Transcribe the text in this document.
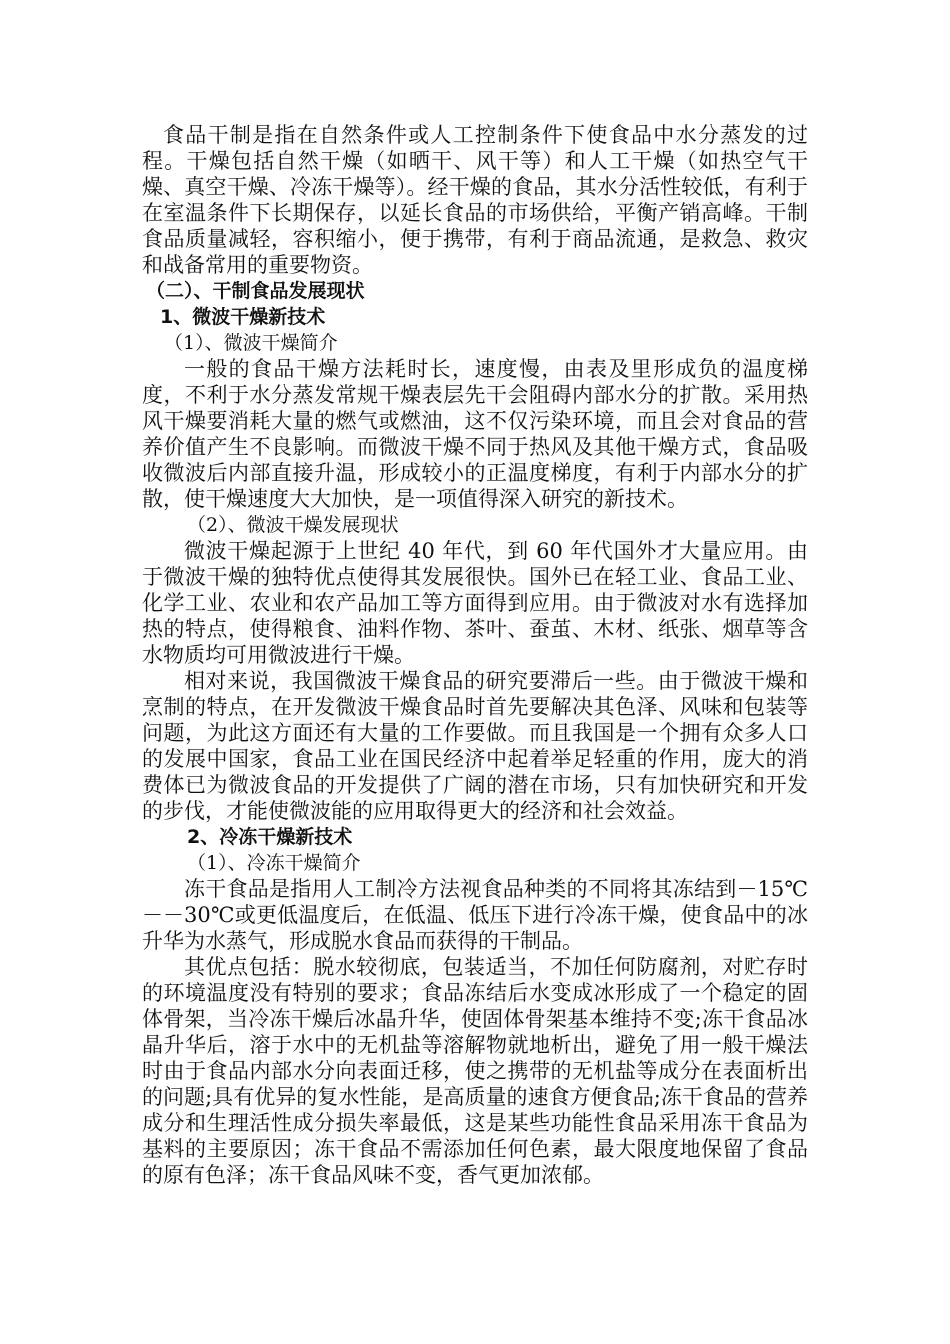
食品干制是指在自然条件或人工控制条件下使食品中水分蒸发的过程。干燥包括自然干燥（如晒干、风干等）和人工干燥（如热空气干燥、真空干燥、冷冻干燥等）。经干燥的食品，其水分活性较低，有利于在室温条件下长期保存，以延长食品的市场供给，平衡产销高峰。干制食品质量减轻，容积缩小，便于携带，有利于商品流通，是救急、救灾和战备常用的重要物资。

（二）、干制食品发展现状

1、微波干燥新技术

（1）、微波干燥简介

一般的食品干燥方法耗时长，速度慢，由表及里形成负的温度梯度，不利于水分蒸发常规干燥表层先干会阻碍内部水分的扩散。采用热风干燥要消耗大量的燃气或燃油，这不仅污染环境，而且会对食品的营养价值产生不良影响。而微波干燥不同于热风及其他干燥方式，食品吸收微波后内部直接升温，形成较小的正温度梯度，有利于内部水分的扩散，使干燥速度大大加快，是一项值得深入研究的新技术。

（2）、微波干燥发展现状

微波干燥起源于上世纪 40 年代，到 60 年代国外才大量应用。由于微波干燥的独特优点使得其发展很快。国外已在轻工业、食品工业、化学工业、农业和农产品加工等方面得到应用。由于微波对水有选择加热的特点，使得粮食、油料作物、茶叶、蚕茧、木材、纸张、烟草等含水物质均可用微波进行干燥。

相对来说，我国微波干燥食品的研究要滞后一些。由于微波干燥和烹制的特点，在开发微波干燥食品时首先要解决其色泽、风味和包装等问题，为此这方面还有大量的工作要做。而且我国是一个拥有众多人口的发展中国家，食品工业在国民经济中起着举足轻重的作用，庞大的消费体已为微波食品的开发提供了广阔的潜在市场，只有加快研究和开发的步伐，才能使微波能的应用取得更大的经济和社会效益。

2、冷冻干燥新技术

（1）、冷冻干燥简介

冻干食品是指用人工制冷方法视食品种类的不同将其冻结到－15℃－－30℃或更低温度后，在低温、低压下进行冷冻干燥，使食品中的冰升华为水蒸气，形成脱水食品而获得的干制品。

其优点包括：脱水较彻底，包装适当，不加任何防腐剂，对贮存时的环境温度没有特别的要求；食品冻结后水变成冰形成了一个稳定的固体骨架，当冷冻干燥后冰晶升华，使固体骨架基本维持不变;冻干食品冰晶升华后，溶于水中的无机盐等溶解物就地析出，避免了用一般干燥法时由于食品内部水分向表面迁移，使之携带的无机盐等成分在表面析出的问题;具有优异的复水性能，是高质量的速食方便食品;冻干食品的营养成分和生理活性成分损失率最低，这是某些功能性食品采用冻干食品为基料的主要原因；冻干食品不需添加任何色素，最大限度地保留了食品的原有色泽；冻干食品风味不变，香气更加浓郁。
